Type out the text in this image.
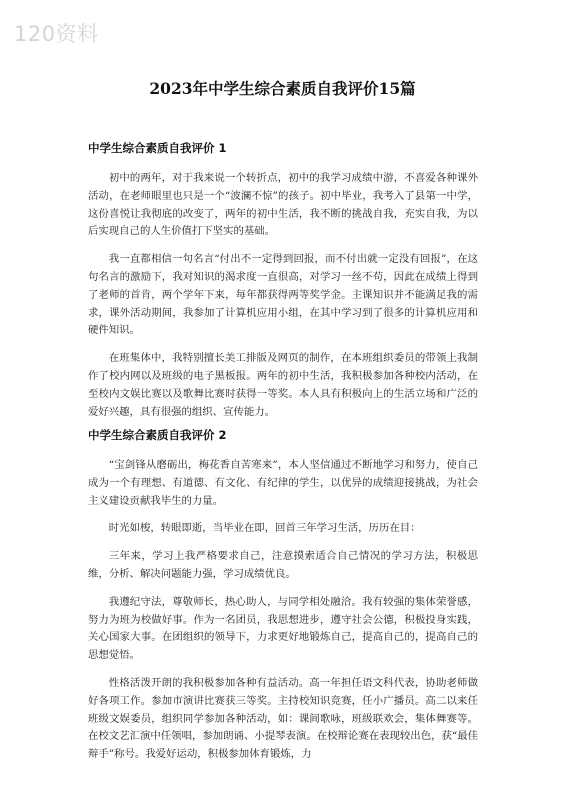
120资料
2023年中学生综合素质自我评价15篇
中学生综合素质自我评价 1

初中的两年，对于我来说一个转折点，初中的我学习成绩中游，不喜爱各种课外活动，在老师眼里也只是一个“波澜不惊”的孩子。初中毕业，我考入了县第一中学，这份喜悦让我彻底的改变了，两年的初中生活，我不断的挑战自我，充实自我，为以后实现自己的人生价值打下坚实的基础。

我一直都相信一句名言“付出不一定得到回报，而不付出就一定没有回报”，在这句名言的激励下，我对知识的渴求度一直很高，对学习一丝不苟，因此在成绩上得到了老师的首肯，两个学年下来，每年都获得两等奖学金。主课知识并不能满足我的需求，课外活动期间，我参加了计算机应用小组，在其中学习到了很多的计算机应用和硬件知识。

在班集体中，我特别擅长美工排版及网页的制作，在本班组织委员的带领上我制作了校内网以及班级的电子黑板报。两年的初中生活，我积极参加各种校内活动，在至校内文娱比赛以及歌舞比赛时获得一等奖。本人具有积极向上的生活立场和广泛的爱好兴趣，具有很强的组织、宣传能力。

中学生综合素质自我评价 2

“宝剑锋从磨砺出，梅花香自苦寒来”，本人坚信通过不断地学习和努力，使自己成为一个有理想、有道德、有文化、有纪律的学生，以优异的成绩迎接挑战，为社会主义建设贡献我毕生的力量。

时光如梭，转眼即逝，当毕业在即，回首三年学习生活，历历在目：

三年来，学习上我严格要求自己，注意摸索适合自己情况的学习方法，积极思维，分析、解决问题能力强，学习成绩优良。

我遵纪守法，尊敬师长，热心助人，与同学相处融洽。我有较强的集体荣誉感，努力为班为校做好事。作为一名团员，我思想进步，遵守社会公德，积极投身实践，关心国家大事。在团组织的领导下，力求更好地锻炼自己，提高自己的，提高自己的思想觉悟。

性格活泼开朗的我积极参加各种有益活动。高一年担任语文科代表，协助老师做好各项工作。参加市演讲比赛获三等奖。主持校知识竞赛，任小广播员。高二以来任班级文娱委员，组织同学参加各种活动，如：课间歌咏，班级联欢会，集体舞赛等。在校文艺汇演中任领唱，参加朗诵、小提琴表演。在校辩论赛在表现较出色，获“最佳辩手”称号。我爱好运动，积极参加体育锻炼，力
